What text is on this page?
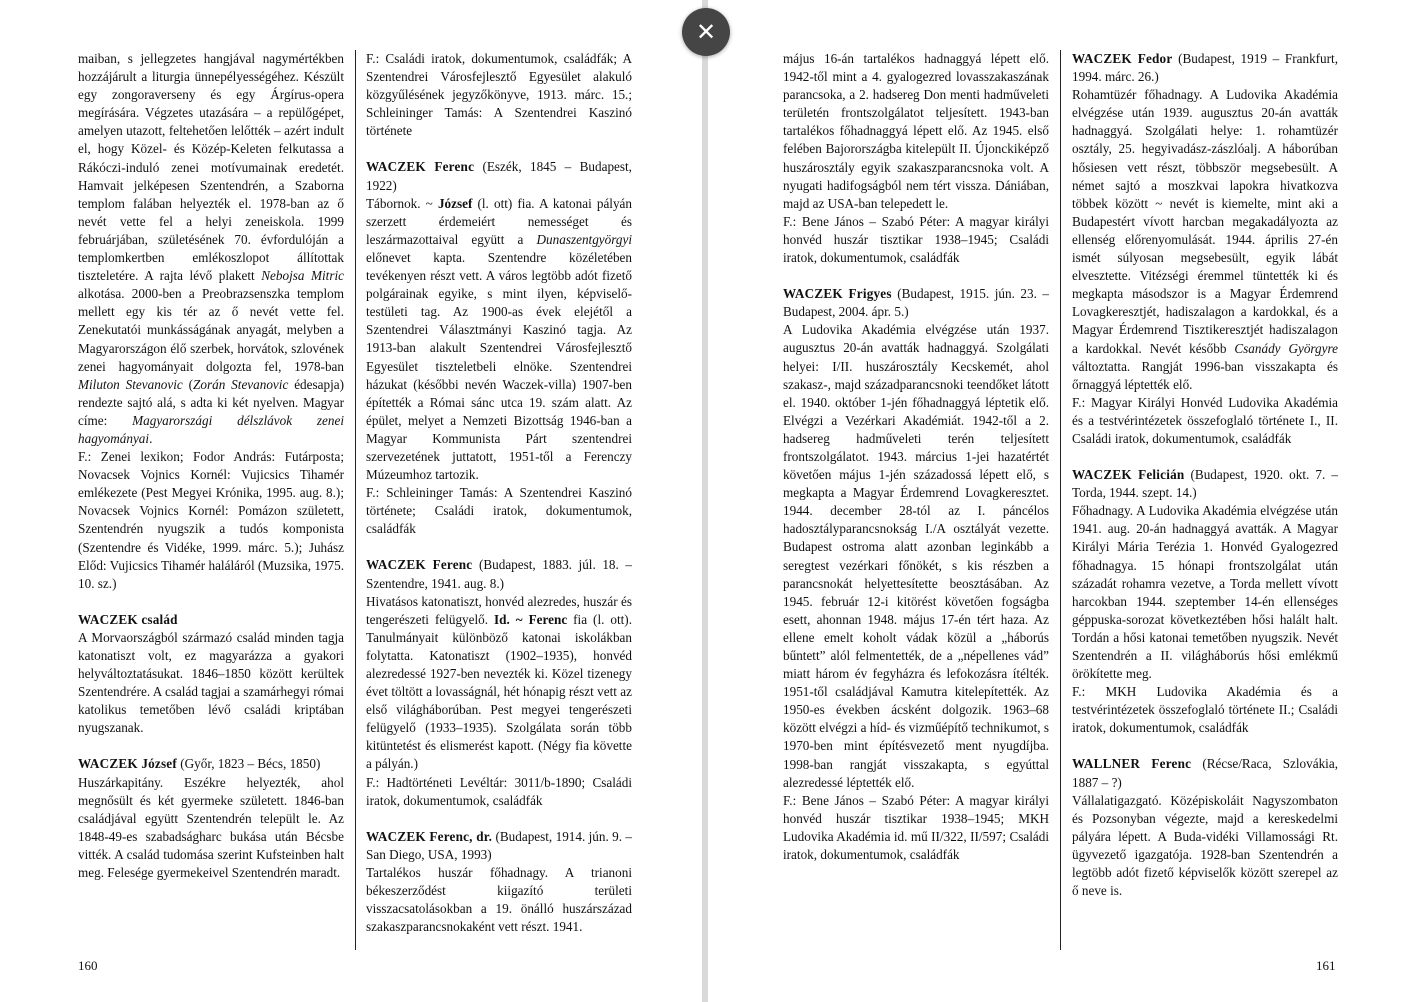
maiban, s jellegzetes hangjával nagymértékben hozzájárult a liturgia ünnepélyességéhez. Készült egy zongoraverseny és egy Árgírus-opera megírására. Végzetes utazására – a repülőgépet, amelyen utazott, feltehetően lelőtték – azért indult el, hogy Közel- és Közép-Keleten felkutassa a Rákóczi-induló zenei motívumainak eredetét. Hamvait jelképesen Szentendrén, a Szaborna templom falában helyezték el. 1978-ban az ő nevét vette fel a helyi zeneiskola. 1999 februárjában, születésének 70. évfordulóján a templomkertben emlékoszlopot állítottak tiszteletére. A rajta lévő plakett Nebojsa Mitric alkotása. 2000-ben a Preobrazsenszka templom mellett egy kis tér az ő nevét vette fel. Zenekutatói munkásságának anyagát, melyben a Magyarországon élő szerbek, horvátok, szlovének zenei hagyományait dolgozta fel, 1978-ban Miluton Stevanovic (Zorán Stevanovic édesapja) rendezte sajtó alá, s adta ki két nyelven. Magyar címe: Magyarországi délszlávok zenei hagyományai.

F.: Zenei lexikon; Fodor András: Futárposta; Novacsek Vojnics Kornél: Vujicsics Tihamér emlékezete (Pest Megyei Krónika, 1995. aug. 8.); Novacsek Vojnics Kornél: Pomázon született, Szentendrén nyugszik a tudós komponista (Szentendre és Vidéke, 1999. márc. 5.); Juhász Előd: Vujicsics Tihamér haláláról (Muzsika, 1975. 10. sz.)

WACZEK család

A Morvaországból származó család minden tagja katonatiszt volt, ez magyarázza a gyakori helyváltoztatásukat. 1846–1850 között kerültek Szentendrére. A család tagjai a szamárhegyi római katolikus temetőben lévő családi kriptában nyugszanak.

WACZEK József (Győr, 1823 – Bécs, 1850)

Huszárkapitány. Eszékre helyezték, ahol megnősült és két gyermeke született. 1846-ban családjával együtt Szentendrén települt le. Az 1848-49-es szabadságharc bukása után Bécsbe vitték. A család tudomása szerint Kufsteinben halt meg. Felesége gyermekeivel Szentendrén maradt.

F.: Családi iratok, dokumentumok, családfák; A Szentendrei Városfejlesztő Egyesület alakuló közgyűlésének jegyzőkönyve, 1913. márc. 15.; Schleininger Tamás: A Szentendrei Kaszinó története

WACZEK Ferenc (Eszék, 1845 – Budapest, 1922)

Tábornok. ~ József (l. ott) fia. A katonai pályán szerzett érdemeiért nemességet és leszármazottaival együtt a Dunaszentgyörgyi előnevet kapta. Szentendre közéletében tevékenyen részt vett. A város legtöbb adót fizető polgárainak egyike, s mint ilyen, képviselő-testületi tag. Az 1900-as évek elejétől a Szentendrei Választmányi Kaszinó tagja. Az 1913-ban alakult Szentendrei Városfejlesztő Egyesület tiszteletbeli elnöke. Szentendrei házukat (későbbi nevén Waczek-villa) 1907-ben építették a Római sánc utca 19. szám alatt. Az épület, melyet a Nemzeti Bizottság 1946-ban a Magyar Kommunista Párt szentendrei szervezetének juttatott, 1951-től a Ferenczy Múzeumhoz tartozik.

F.: Schleininger Tamás: A Szentendrei Kaszinó története; Családi iratok, dokumentumok, családfák

WACZEK Ferenc (Budapest, 1883. júl. 18. – Szentendre, 1941. aug. 8.)

Hivatásos katonatiszt, honvéd alezredes, huszár és tengerészeti felügyelő. Id. ~ Ferenc fia (l. ott). Tanulmányait különböző katonai iskolákban folytatta. Katonatiszt (1902–1935), honvéd alezredessé 1927-ben nevezték ki. Közel tizenegy évet töltött a lovasságnál, hét hónapig részt vett az első világháborúban. Pest megyei tengerészeti felügyelő (1933–1935). Szolgálata során több kitüntetést és elismerést kapott. (Négy fia követte a pályán.)

F.: Hadtörténeti Levéltár: 3011/b-1890; Családi iratok, dokumentumok, családfák

WACZEK Ferenc, dr. (Budapest, 1914. jún. 9. – San Diego, USA, 1993)

Tartalékos huszár főhadnagy. A trianoni békeszerződést kiigazító területi visszacsatolásokban a 19. önálló huszárszázad szakaszparancsnokaként vett részt. 1941.

160

május 16-án tartalékos hadnaggyá lépett elő. 1942-től mint a 4. gyalogezred lovasszakaszának parancsoka, a 2. hadsereg Don menti hadműveleti területén frontszolgálatot teljesített. 1943-ban tartalékos főhadnaggyá lépett elő. Az 1945. első felében Bajorországba kitelepült II. Újonckiképző huszárosztály egyik szakaszparancsnoka volt. A nyugati hadifogságból nem tért vissza. Dániában, majd az USA-ban telepedett le.

F.: Bene János – Szabó Péter: A magyar királyi honvéd huszár tisztikar 1938–1945; Családi iratok, dokumentumok, családfák

WACZEK Frigyes (Budapest, 1915. jún. 23. – Budapest, 2004. ápr. 5.)

A Ludovika Akadémia elvégzése után 1937. augusztus 20-án avatták hadnaggyá. Szolgálati helyei: I/II. huszárosztály Kecskemét, ahol szakasz-, majd századparancsnoki teendőket látott el. 1940. október 1-jén főhadnaggyá léptetik elő. Elvégzi a Vezérkari Akadémiát. 1942-től a 2. hadsereg hadműveleti terén teljesített frontszolgálatot. 1943. március 1-jei hazatértét követően május 1-jén századossá lépett elő, s megkapta a Magyar Érdemrend Lovagkeresztet. 1944. december 28-tól az I. páncélos hadosztályparancsnokság I./A osztályát vezette. Budapest ostroma alatt azonban leginkább a seregtest vezérkari főnökét, s kis részben a parancsnokát helyettesítette beosztásában. Az 1945. február 12-i kitörést követően fogságba esett, ahonnan 1948. május 17-én tért haza. Az ellene emelt koholt vádak közül a „háborús bűntett” alól felmentették, de a „népellenes vád” miatt három év fegyházra és lefokozásra ítélték. 1951-től családjával Kamutra kitelepítették. Az 1950-es években ácsként dolgozik. 1963–68 között elvégzi a híd- és vizműépítő technikumot, s 1970-ben mint építésvezető ment nyugdíjba. 1998-ban rangját visszakapta, s egyúttal alezredessé léptették elő.

F.: Bene János – Szabó Péter: A magyar királyi honvéd huszár tisztikar 1938–1945; MKH Ludovika Akadémia id. mű II/322, II/597; Családi iratok, dokumentumok, családfák

WACZEK Fedor (Budapest, 1919 – Frankfurt, 1994. márc. 26.)

Rohamtüzér főhadnagy. A Ludovika Akadémia elvégzése után 1939. augusztus 20-án avatták hadnaggyá. Szolgálati helye: 1. rohamtüzér osztály, 25. hegyivadász-zászlóalj. A háborúban hősiesen vett részt, többször megsebesült. A német sajtó a moszkvai lapokra hivatkozva többek között ~ nevét is kiemelte, mint aki a Budapestért vívott harcban megakadályozta az ellenség előrenyomulását. 1944. április 27-én ismét súlyosan megsebesült, egyik lábát elvesztette. Vitézségi éremmel tüntették ki és megkapta másodszor is a Magyar Érdemrend Lovagkeresztjét, hadiszalagon a kardokkal, és a Magyar Érdemrend Tisztikeresztjét hadiszalagon a kardokkal. Nevét később Csanády Györgyre változtatta. Rangját 1996-ban visszakapta és őrnaggyá léptették elő.

F.: Magyar Királyi Honvéd Ludovika Akadémia és a testvérintézetek összefoglaló története I., II. Családi iratok, dokumentumok, családfák

WACZEK Felicián (Budapest, 1920. okt. 7. – Torda, 1944. szept. 14.)

Főhadnagy. A Ludovika Akadémia elvégzése után 1941. aug. 20-án hadnaggyá avatták. A Magyar Királyi Mária Terézia 1. Honvéd Gyalogezred főhadnagya. 15 hónapi frontszolgálat után századát rohamra vezetve, a Torda mellett vívott harcokban 1944. szeptember 14-én ellenséges géppuska-sorozat következtében hősi halált halt. Tordán a hősi katonai temetőben nyugszik. Nevét Szentendrén a II. világháborús hősi emlékmű örökítette meg.

F.: MKH Ludovika Akadémia és a testvérintézetek összefoglaló története II.; Családi iratok, dokumentumok, családfák

WALLNER Ferenc (Récse/Raca, Szlovákia, 1887 – ?)

Vállalatigazgató. Középiskoláit Nagyszombaton és Pozsonyban végezte, majd a kereskedelmi pályára lépett. A Buda-vidéki Villamossági Rt. ügyvezető igazgatója. 1928-ban Szentendrén a legtöbb adót fizető képviselők között szerepel az ő neve is.

161
✕
